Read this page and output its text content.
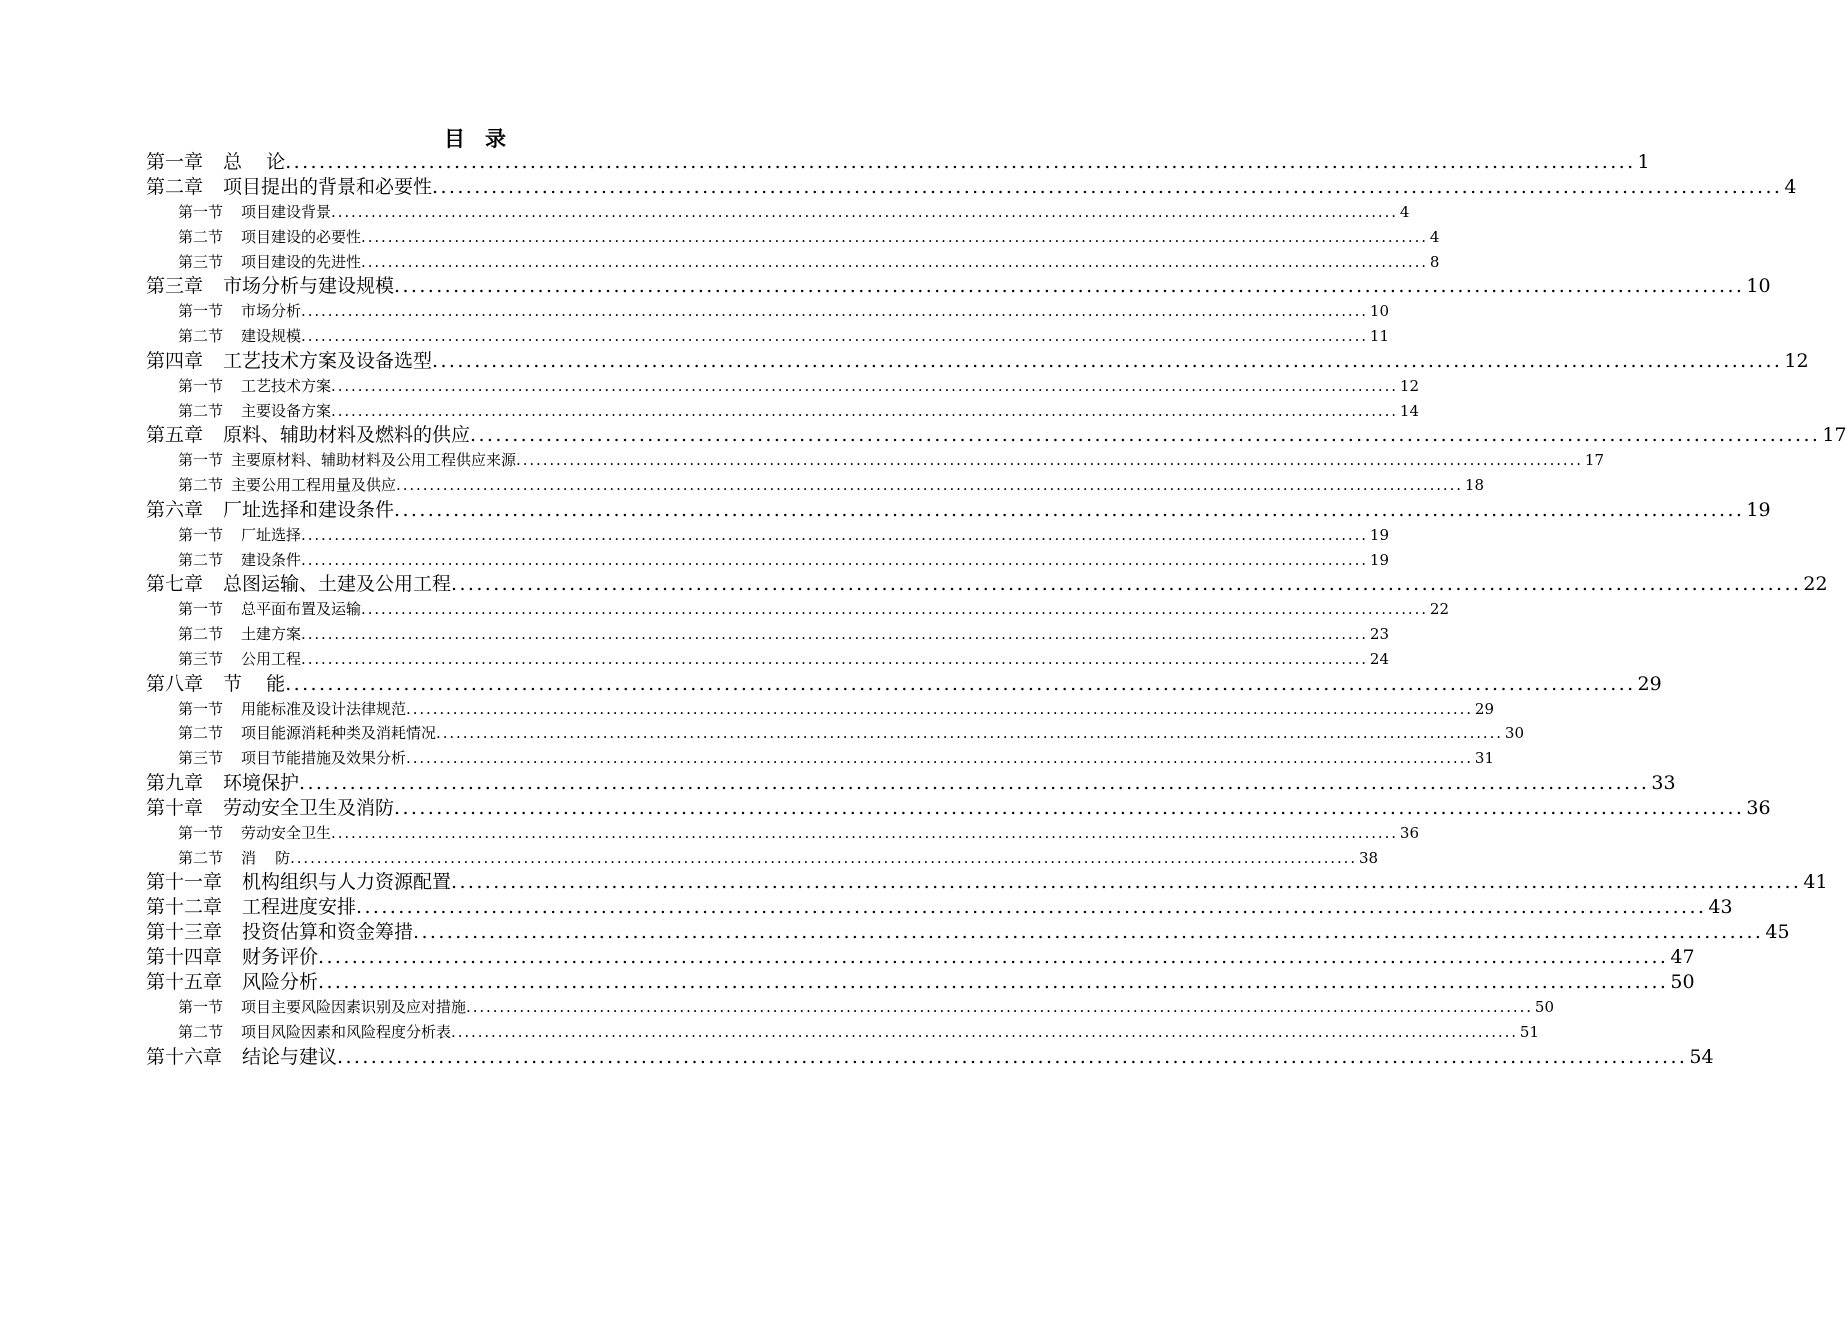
目录
第一章 总    论 ................................................................................................................................................................ 1
第二章 项目提出的背景和必要性 ................................................................................................................................................................ 4
第一节 项目建设背景 ................................................................................................................................................................ 4
第二节 项目建设的必要性 ................................................................................................................................................................ 4
第三节 项目建设的先进性 ................................................................................................................................................................ 8
第三章 市场分析与建设规模 ................................................................................................................................................................ 10
第一节 市场分析 ................................................................................................................................................................ 10
第二节 建设规模 ................................................................................................................................................................ 11
第四章 工艺技术方案及设备选型 ................................................................................................................................................................ 12
第一节 工艺技术方案 ................................................................................................................................................................ 12
第二节 主要设备方案 ................................................................................................................................................................ 14
第五章 原料、辅助材料及燃料的供应 ................................................................................................................................................................ 17
第一节 主要原材料、辅助材料及公用工程供应来源 ................................................................................................................................................................ 17
第二节 主要公用工程用量及供应 ................................................................................................................................................................ 18
第六章 厂址选择和建设条件 ................................................................................................................................................................ 19
第一节 厂址选择 ................................................................................................................................................................ 19
第二节 建设条件 ................................................................................................................................................................ 19
第七章 总图运输、土建及公用工程 ................................................................................................................................................................ 22
第一节 总平面布置及运输 ................................................................................................................................................................ 22
第二节 土建方案 ................................................................................................................................................................ 23
第三节 公用工程 ................................................................................................................................................................ 24
第八章 节    能 ................................................................................................................................................................ 29
第一节 用能标准及设计法律规范 ................................................................................................................................................................ 29
第二节 项目能源消耗种类及消耗情况 ................................................................................................................................................................ 30
第三节 项目节能措施及效果分析 ................................................................................................................................................................ 31
第九章 环境保护 ................................................................................................................................................................ 33
第十章 劳动安全卫生及消防 ................................................................................................................................................................ 36
第一节 劳动安全卫生 ................................................................................................................................................................ 36
第二节 消    防 ................................................................................................................................................................ 38
第十一章 机构组织与人力资源配置 ................................................................................................................................................................ 41
第十二章 工程进度安排 ................................................................................................................................................................ 43
第十三章 投资估算和资金筹措 ................................................................................................................................................................ 45
第十四章 财务评价 ................................................................................................................................................................ 47
第十五章 风险分析 ................................................................................................................................................................ 50
第一节 项目主要风险因素识别及应对措施 ................................................................................................................................................................ 50
第二节 项目风险因素和风险程度分析表 ................................................................................................................................................................ 51
第十六章 结论与建议 ................................................................................................................................................................ 54
